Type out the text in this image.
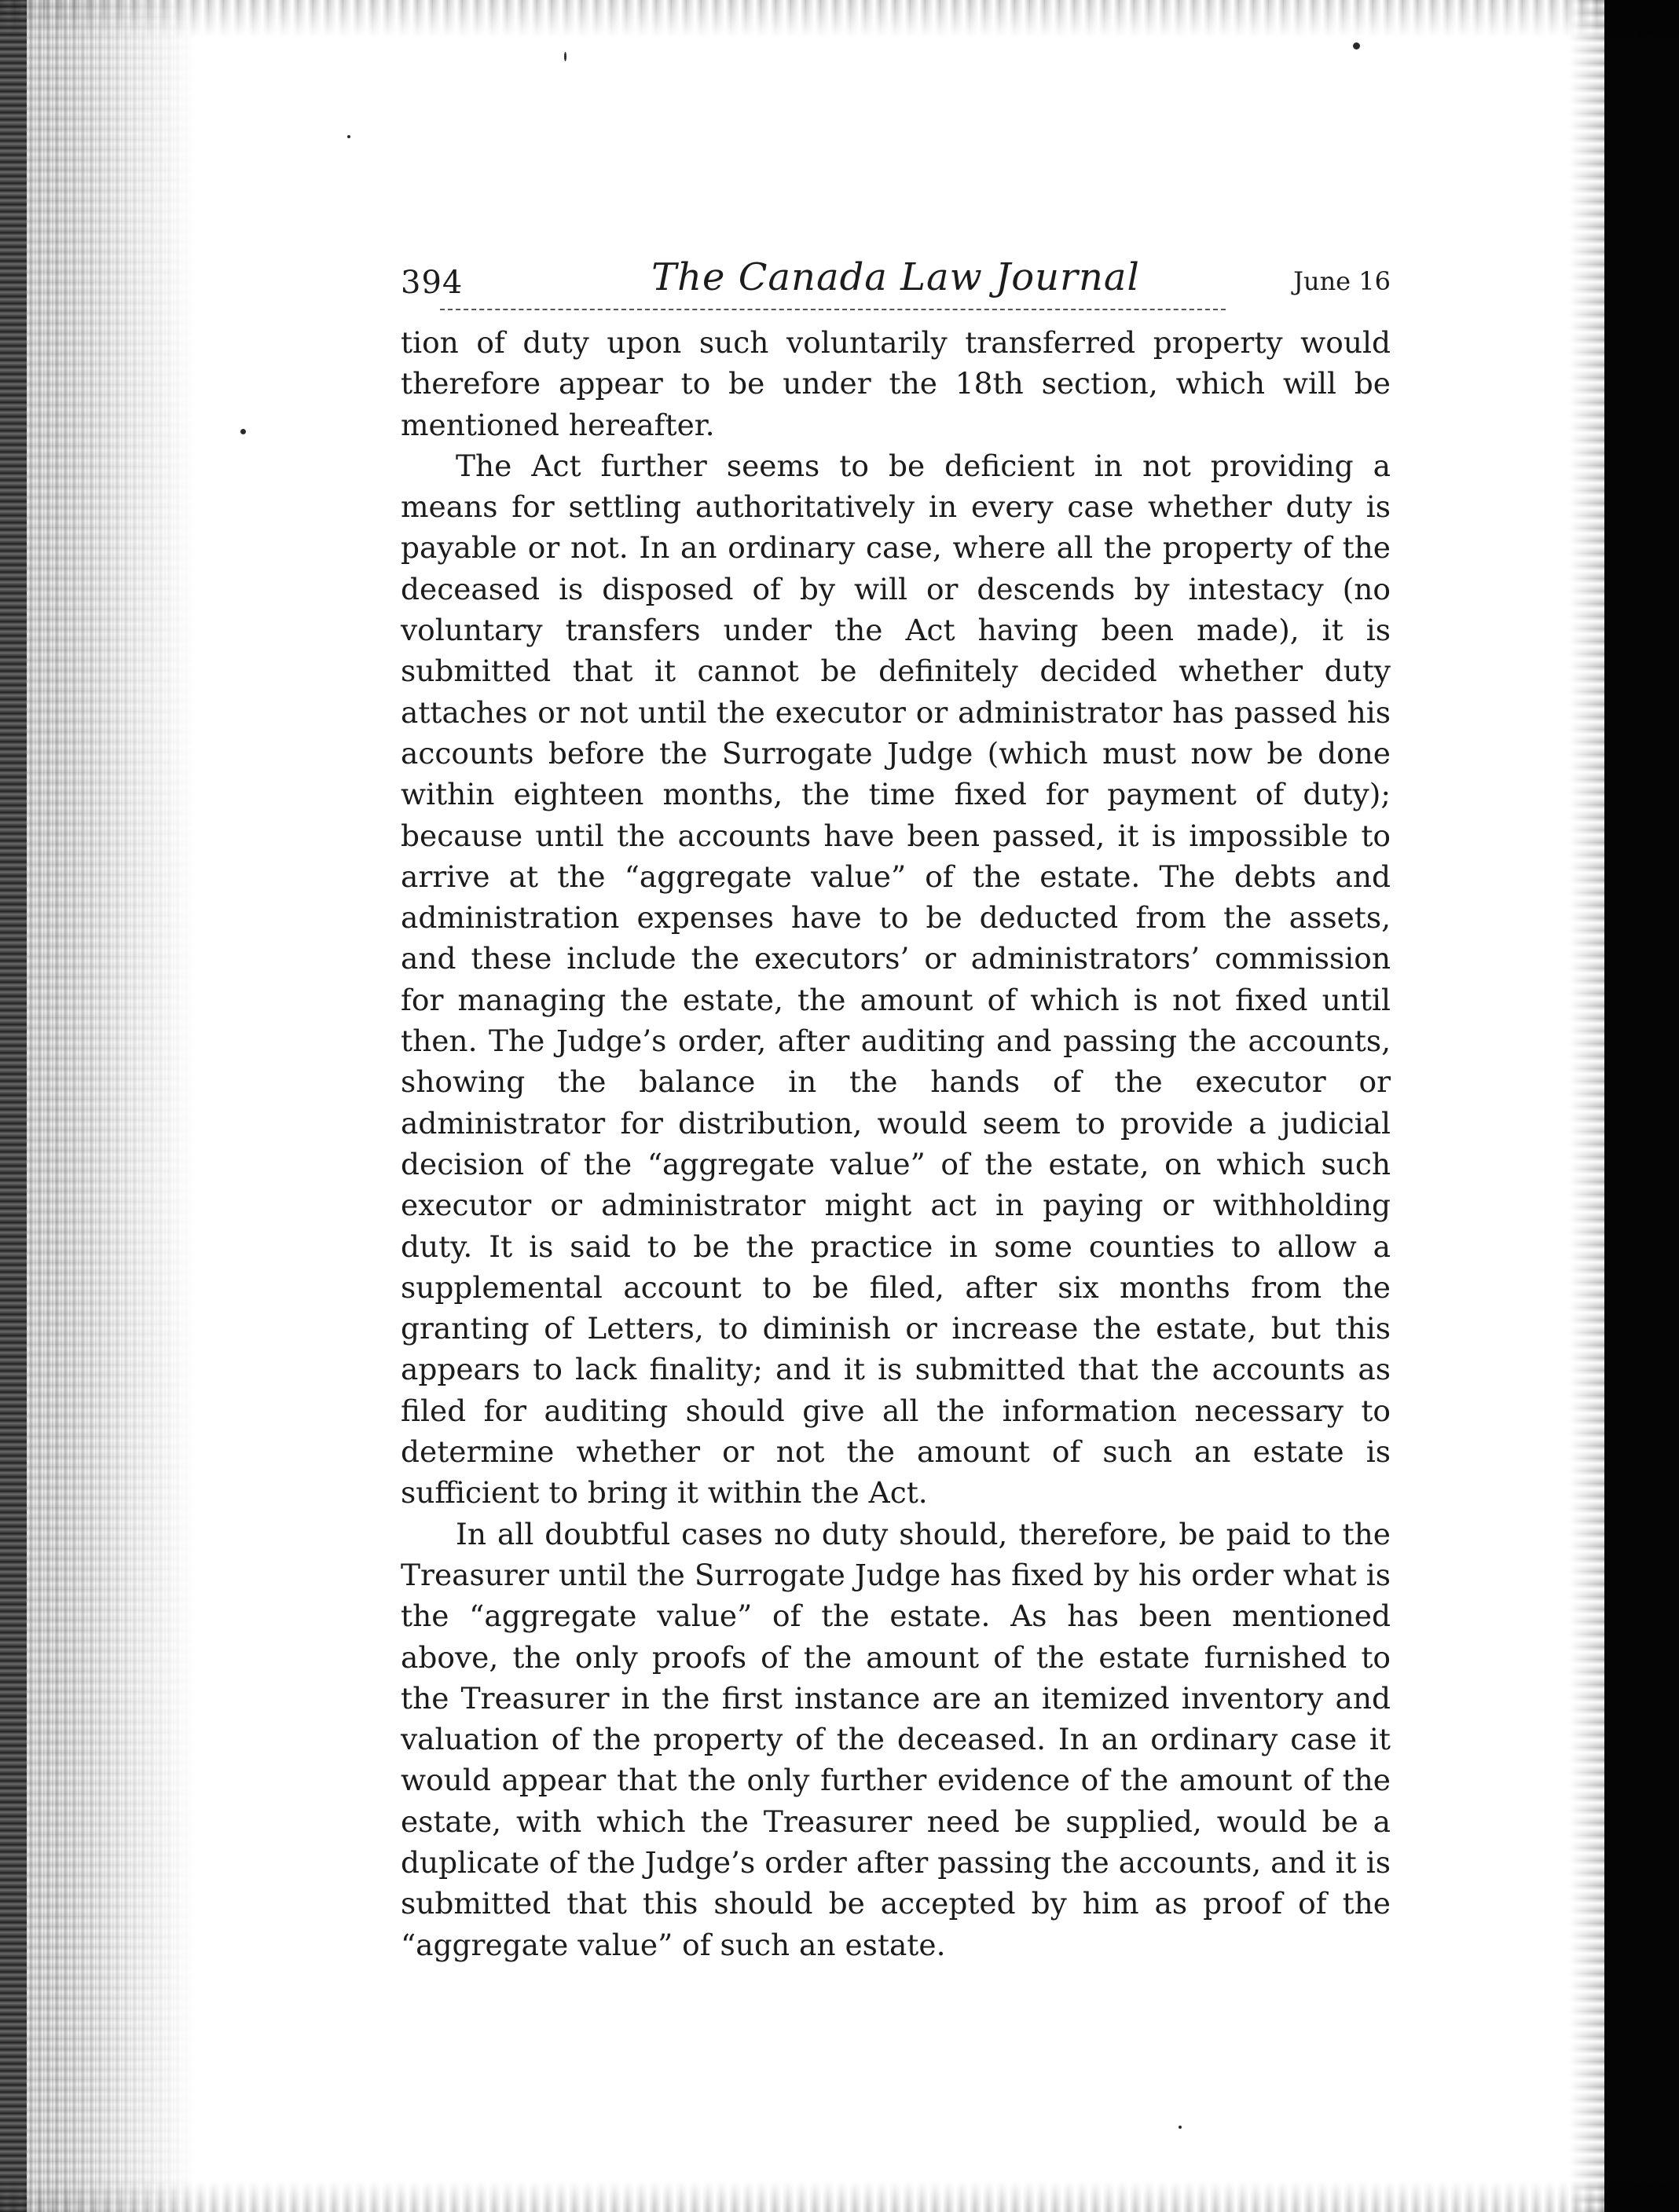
394	The Canada Law Journal	June 16

tion of duty upon such voluntarily transferred property would therefore appear to be under the 18th section, which will be mentioned hereafter.

The Act further seems to be deficient in not providing a means for settling authoritatively in every case whether duty is payable or not. In an ordinary case, where all the property of the deceased is disposed of by will or descends by intestacy (no voluntary transfers under the Act having been made), it is submitted that it cannot be definitely decided whether duty attaches or not until the executor or administrator has passed his accounts before the Surrogate Judge (which must now be done within eighteen months, the time fixed for payment of duty); because until the accounts have been passed, it is impossible to arrive at the “aggregate value” of the estate. The debts and administration expenses have to be deducted from the assets, and these include the executors’ or administrators’ commission for managing the estate, the amount of which is not fixed until then. The Judge’s order, after auditing and passing the accounts, showing the balance in the hands of the executor or administrator for distribution, would seem to provide a judicial decision of the “aggregate value” of the estate, on which such executor or administrator might act in paying or withholding duty. It is said to be the practice in some counties to allow a supplemental account to be filed, after six months from the granting of Letters, to diminish or increase the estate, but this appears to lack finality; and it is submitted that the accounts as filed for auditing should give all the information necessary to determine whether or not the amount of such an estate is sufficient to bring it within the Act.

In all doubtful cases no duty should, therefore, be paid to the Treasurer until the Surrogate Judge has fixed by his order what is the “aggregate value” of the estate. As has been mentioned above, the only proofs of the amount of the estate furnished to the Treasurer in the first instance are an itemized inventory and valuation of the property of the deceased. In an ordinary case it would appear that the only further evidence of the amount of the estate, with which the Treasurer need be supplied, would be a duplicate of the Judge’s order after passing the accounts, and it is submitted that this should be accepted by him as proof of the “aggregate value” of such an estate.
